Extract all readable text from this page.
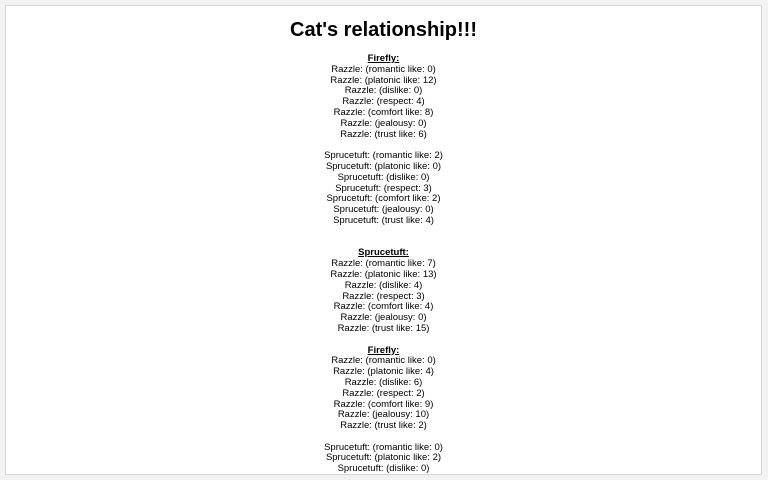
Cat's relationship!!!
Firefly:
Razzle: (romantic like: 0)
Razzle: (platonic like: 12)
Razzle: (dislike: 0)
Razzle: (respect: 4)
Razzle: (comfort like: 8)
Razzle: (jealousy: 0)
Razzle: (trust like: 6)
Sprucetuft: (romantic like: 2)
Sprucetuft: (platonic like: 0)
Sprucetuft: (dislike: 0)
Sprucetuft: (respect: 3)
Sprucetuft: (comfort like: 2)
Sprucetuft: (jealousy: 0)
Sprucetuft: (trust like: 4)
Sprucetuft:
Razzle: (romantic like: 7)
Razzle: (platonic like: 13)
Razzle: (dislike: 4)
Razzle: (respect: 3)
Razzle: (comfort like: 4)
Razzle: (jealousy: 0)
Razzle: (trust like: 15)
Firefly:
Razzle: (romantic like: 0)
Razzle: (platonic like: 4)
Razzle: (dislike: 6)
Razzle: (respect: 2)
Razzle: (comfort like: 9)
Razzle: (jealousy: 10)
Razzle: (trust like: 2)
Sprucetuft: (romantic like: 0)
Sprucetuft: (platonic like: 2)
Sprucetuft: (dislike: 0)
